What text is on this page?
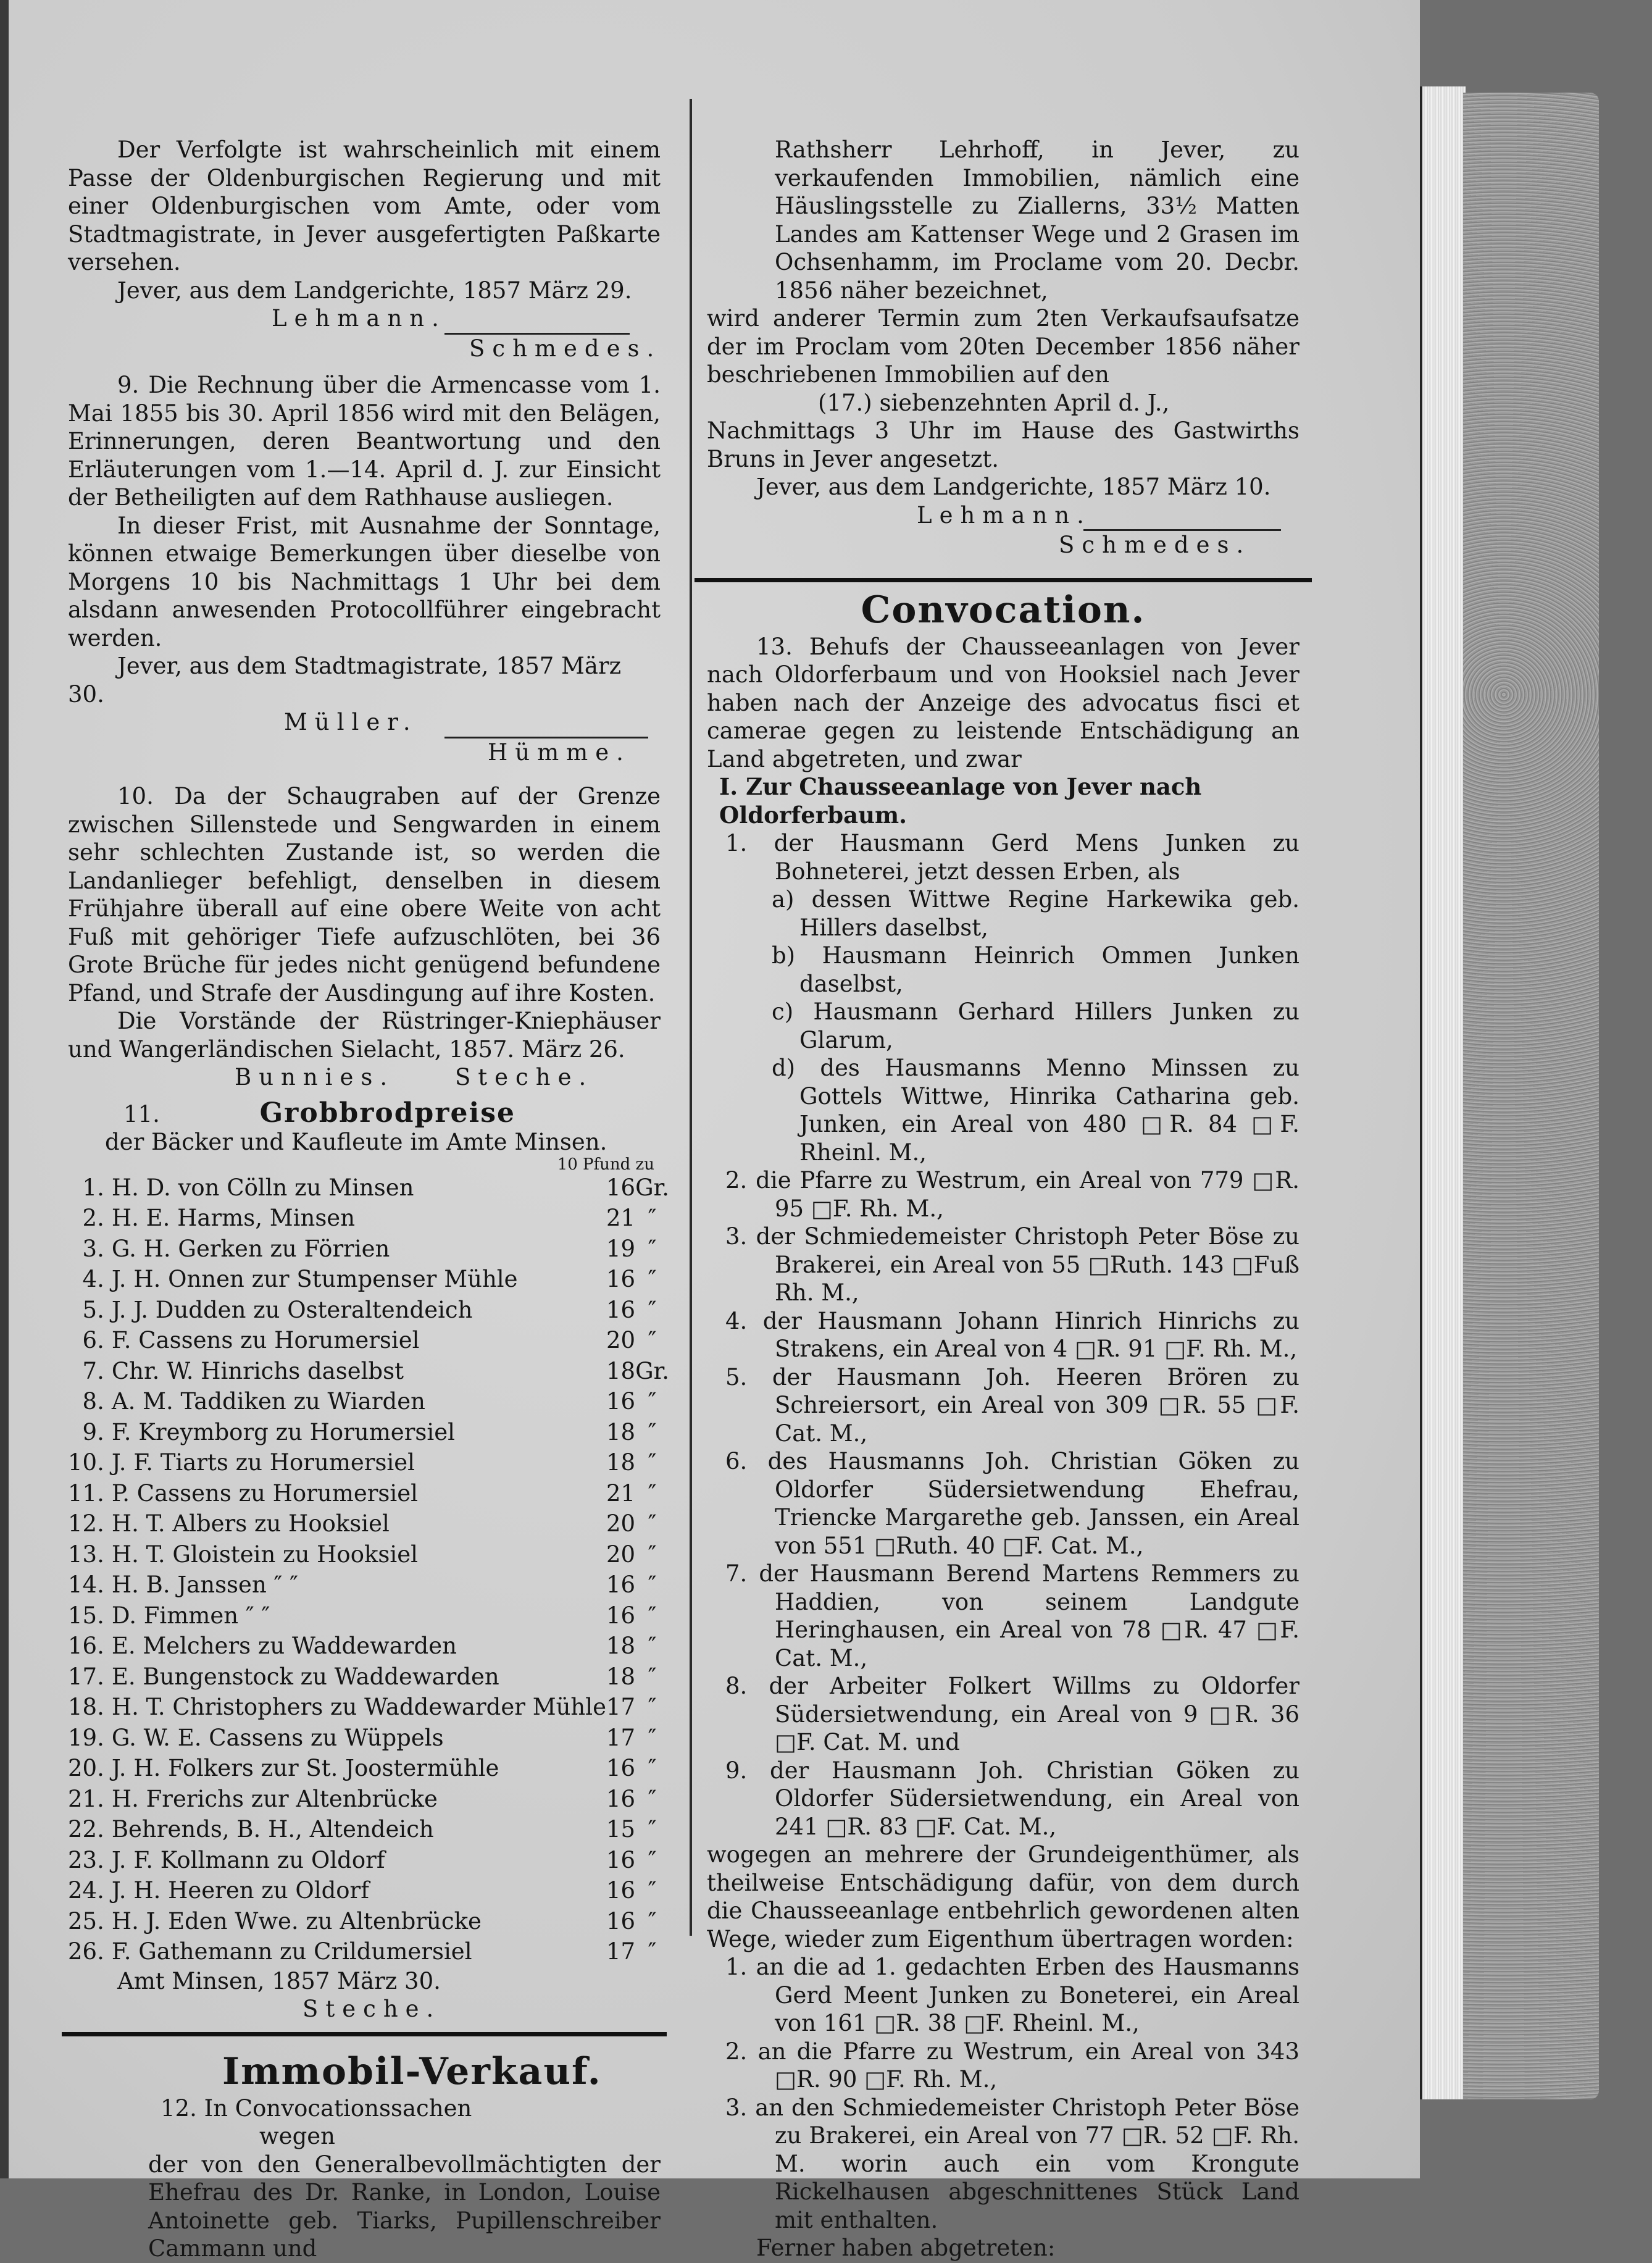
Der Verfolgte ist wahrscheinlich mit einem Passe der Oldenburgischen Regierung und mit einer Oldenburgischen vom Amte, oder vom Stadtmagistrate, in Jever ausgefertigten Paßkarte versehen.

Jever, aus dem Landgerichte, 1857 März 29.

Lehmann.

Schmedes.

9. Die Rechnung über die Armencasse vom 1. Mai 1855 bis 30. April 1856 wird mit den Belägen, Erinnerungen, deren Beantwortung und den Erläuterungen vom 1.—14. April d. J. zur Einsicht der Betheiligten auf dem Rathhause ausliegen.

In dieser Frist, mit Ausnahme der Sonntage, können etwaige Bemerkungen über dieselbe von Morgens 10 bis Nachmittags 1 Uhr bei dem alsdann anwesenden Protocollführer eingebracht werden.

Jever, aus dem Stadtmagistrate, 1857 März 30.

Müller.

Hümme.

10. Da der Schaugraben auf der Grenze zwischen Sillenstede und Sengwarden in einem sehr schlechten Zustande ist, so werden die Landanlieger befehligt, denselben in diesem Frühjahre überall auf eine obere Weite von acht Fuß mit gehöriger Tiefe aufzuschlöten, bei 36 Grote Brüche für jedes nicht genügend befundene Pfand, und Strafe der Ausdingung auf ihre Kosten.

Die Vorstände der Rüstringer-Kniephäuser und Wangerländischen Sielacht, 1857. März 26.

Bunnies.	Steche.

11.	Grobbrodpreise

der Bäcker und Kaufleute im Amte Minsen.

10 Pfund zu

1.	H. D. von Cölln zu Minsen	16	Gr.
2.	H. E. Harms, Minsen	21	″
3.	G. H. Gerken zu Förrien	19	″
4.	J. H. Onnen zur Stumpenser Mühle	16	″
5.	J. J. Dudden zu Osteraltendeich	16	″
6.	F. Cassens zu Horumersiel	20	″
7.	Chr. W. Hinrichs daselbst	18	Gr.
8.	A. M. Taddiken zu Wiarden	16	″
9.	F. Kreymborg zu Horumersiel	18	″
10.	J. F. Tiarts zu Horumersiel	18	″
11.	P. Cassens zu Horumersiel	21	″
12.	H. T. Albers zu Hooksiel	20	″
13.	H. T. Gloistein zu Hooksiel	20	″
14.	H. B. Janssen ″ ″	16	″
15.	D. Fimmen ″ ″	16	″
16.	E. Melchers zu Waddewarden	18	″
17.	E. Bungenstock zu Waddewarden	18	″
18.	H. T. Christophers zu Waddewarder Mühle	17	″
19.	G. W. E. Cassens zu Wüppels	17	″
20.	J. H. Folkers zur St. Joostermühle	16	″
21.	H. Frerichs zur Altenbrücke	16	″
22.	Behrends, B. H., Altendeich	15	″
23.	J. F. Kollmann zu Oldorf	16	″
24.	J. H. Heeren zu Oldorf	16	″
25.	H. J. Eden Wwe. zu Altenbrücke	16	″
26.	F. Gathemann zu Crildumersiel	17	″

Amt Minsen, 1857 März 30.

Steche.

Immobil-Verkauf.

12. In Convocationssachen

wegen

der von den Generalbevollmächtigten der Ehefrau des Dr. Ranke, in London, Louise Antoinette geb. Tiarks, Pupillenschreiber Cammann und

Rathsherr Lehrhoff, in Jever, zu verkaufenden Immobilien, nämlich eine Häuslingsstelle zu Ziallerns, 33½ Matten Landes am Kattenser Wege und 2 Grasen im Ochsenhamm, im Proclame vom 20. Decbr. 1856 näher bezeichnet,

wird anderer Termin zum 2ten Verkaufsaufsatze der im Proclam vom 20ten December 1856 näher beschriebenen Immobilien auf den

(17.) siebenzehnten April d. J.,

Nachmittags 3 Uhr im Hause des Gastwirths Bruns in Jever angesetzt.

Jever, aus dem Landgerichte, 1857 März 10.

Lehmann.

Schmedes.

Convocation.

13. Behufs der Chausseeanlagen von Jever nach Oldorferbaum und von Hooksiel nach Jever haben nach der Anzeige des advocatus fisci et camerae gegen zu leistende Entschädigung an Land abgetreten, und zwar

I. Zur Chausseeanlage von Jever nach Oldorferbaum.

1. der Hausmann Gerd Mens Junken zu Bohneterei, jetzt dessen Erben, als

a) dessen Wittwe Regine Harkewika geb. Hillers daselbst,

b) Hausmann Heinrich Ommen Junken daselbst,

c) Hausmann Gerhard Hillers Junken zu Glarum,

d) des Hausmanns Menno Minssen zu Gottels Wittwe, Hinrika Catharina geb. Junken, ein Areal von 480 □R. 84 □F. Rheinl. M.,

2. die Pfarre zu Westrum, ein Areal von 779 □R. 95 □F. Rh. M.,

3. der Schmiedemeister Christoph Peter Böse zu Brakerei, ein Areal von 55 □Ruth. 143 □Fuß Rh. M.,

4. der Hausmann Johann Hinrich Hinrichs zu Strakens, ein Areal von 4 □R. 91 □F. Rh. M.,

5. der Hausmann Joh. Heeren Brören zu Schreiersort, ein Areal von 309 □R. 55 □F. Cat. M.,

6. des Hausmanns Joh. Christian Göken zu Oldorfer Südersietwendung Ehefrau, Triencke Margarethe geb. Janssen, ein Areal von 551 □Ruth. 40 □F. Cat. M.,

7. der Hausmann Berend Martens Remmers zu Haddien, von seinem Landgute Heringhausen, ein Areal von 78 □R. 47 □F. Cat. M.,

8. der Arbeiter Folkert Willms zu Oldorfer Südersietwendung, ein Areal von 9 □R. 36 □F. Cat. M. und

9. der Hausmann Joh. Christian Göken zu Oldorfer Südersietwendung, ein Areal von 241 □R. 83 □F. Cat. M.,

wogegen an mehrere der Grundeigenthümer, als theilweise Entschädigung dafür, von dem durch die Chausseeanlage entbehrlich gewordenen alten Wege, wieder zum Eigenthum übertragen worden:

1. an die ad 1. gedachten Erben des Hausmanns Gerd Meent Junken zu Boneterei, ein Areal von 161 □R. 38 □F. Rheinl. M.,

2. an die Pfarre zu Westrum, ein Areal von 343 □R. 90 □F. Rh. M.,

3. an den Schmiedemeister Christoph Peter Böse zu Brakerei, ein Areal von 77 □R. 52 □F. Rh. M. worin auch ein vom Krongute Rickelhausen abgeschnittenes Stück Land mit enthalten.

Ferner haben abgetreten:
